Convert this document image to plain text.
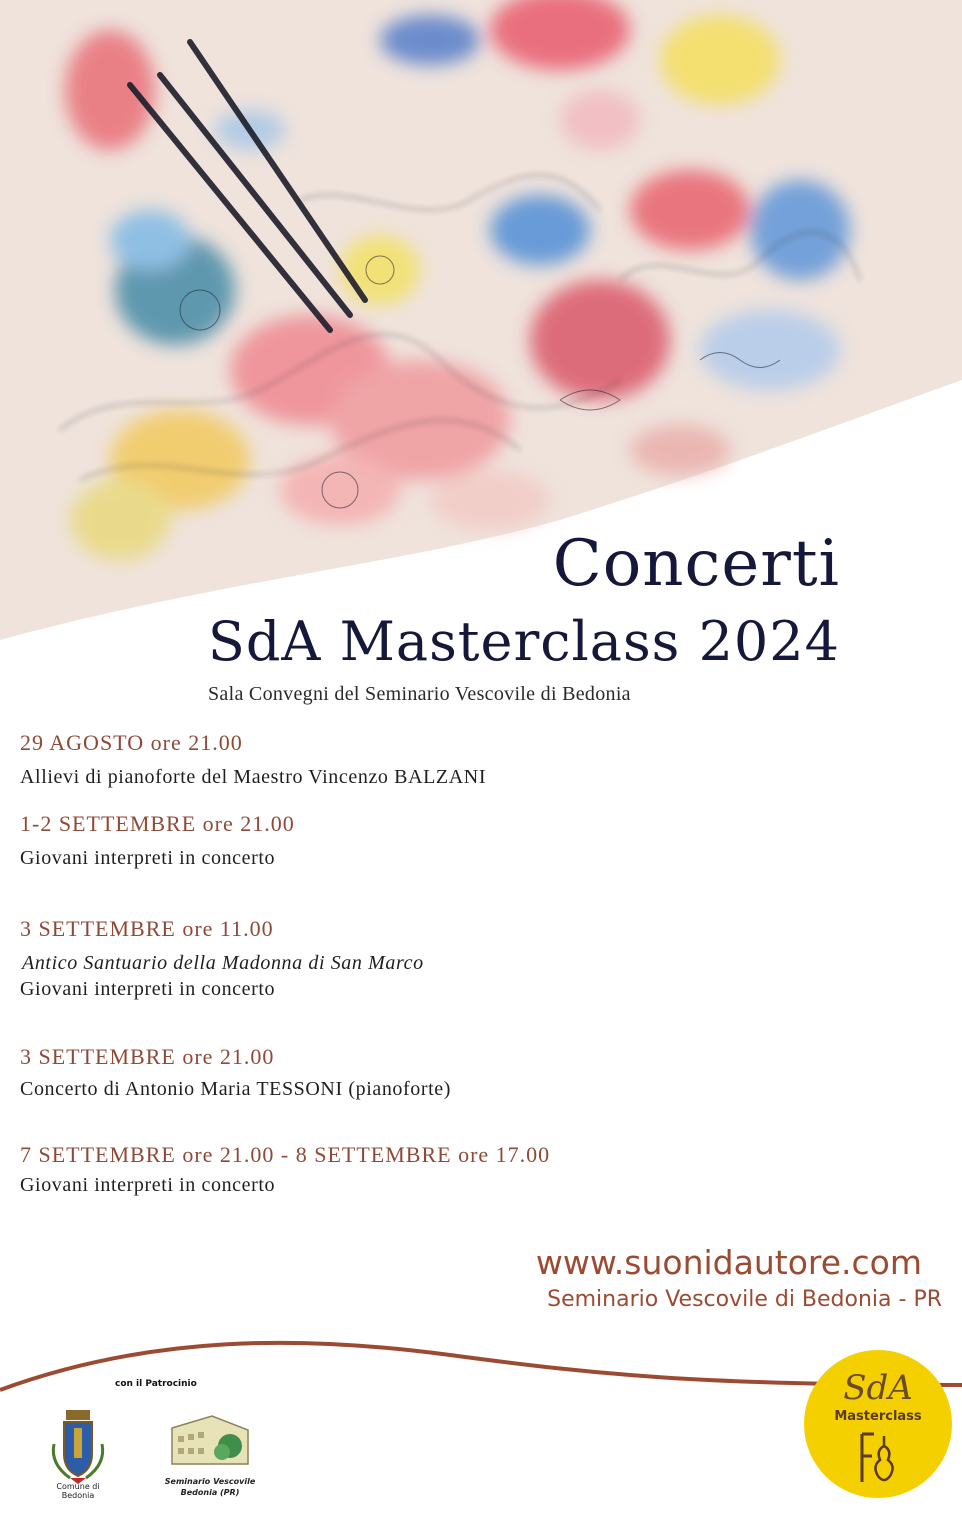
Concerti
SdA Masterclass 2024
Sala Convegni del Seminario Vescovile di Bedonia
29 AGOSTO ore 21.00
Allievi di pianoforte del Maestro Vincenzo BALZANI
1-2 SETTEMBRE ore 21.00
Giovani interpreti in concerto
3 SETTEMBRE ore 11.00
Antico Santuario della Madonna di San Marco
Giovani interpreti in concerto
3 SETTEMBRE ore 21.00
Concerto di Antonio Maria TESSONI (pianoforte)
7 SETTEMBRE ore 21.00 - 8 SETTEMBRE ore 17.00
Giovani interpreti in concerto
www.suonidautore.com
Seminario Vescovile di Bedonia - PR
con il Patrocinio
Comune di Bedonia
Seminario Vescovile
Bedonia (PR)
SdA
Masterclass
